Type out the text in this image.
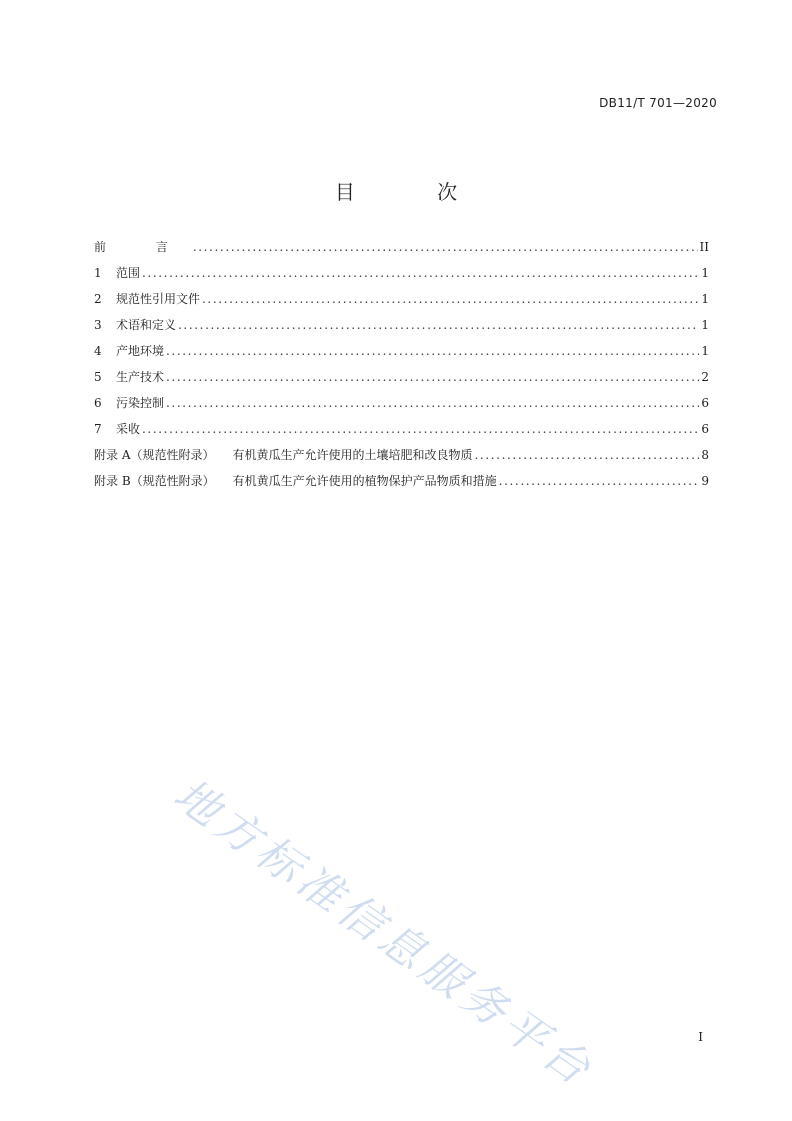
DB11/T 701—2020
目 次
前 言 .....	II
1	范围 .....	1
2	规范性引用文件 .....	1
3	术语和定义 .....	1
4	产地环境 .....	1
5	生产技术 .....	2
6	污染控制 .....	6
7	采收 .....	6
附录 A（规范性附录） 有机黄瓜生产允许使用的土壤培肥和改良物质 .....	8
附录 B（规范性附录） 有机黄瓜生产允许使用的植物保护产品物质和措施 .....	9
地方标准信息服务平台	I
